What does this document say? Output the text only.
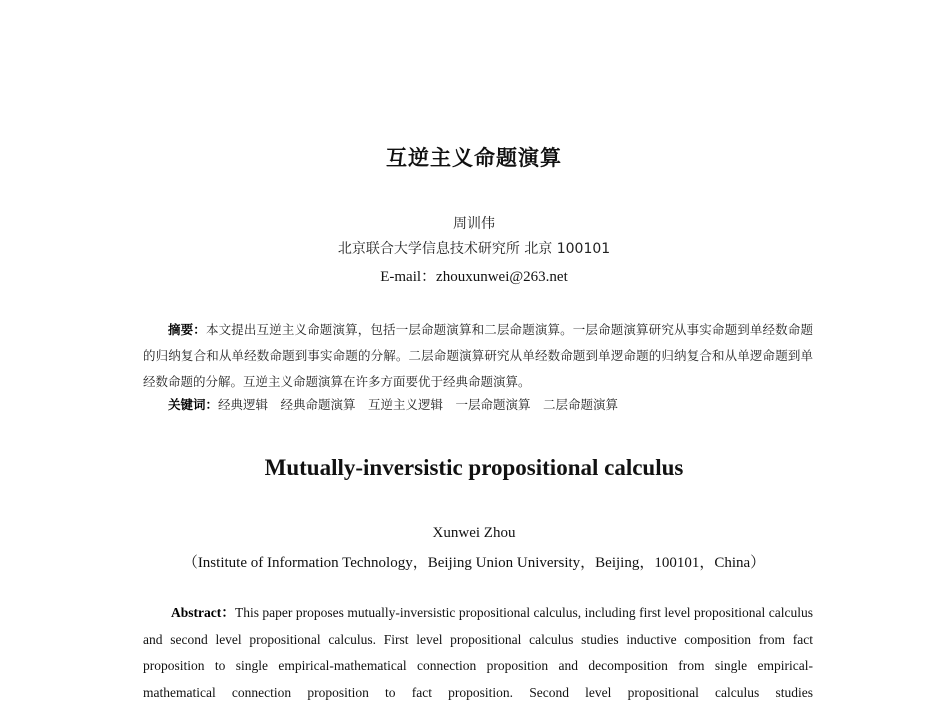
互逆主义命题演算
周训伟
北京联合大学信息技术研究所 北京 100101
E-mail：zhouxunwei@263.net
摘要：本文提出互逆主义命题演算，包括一层命题演算和二层命题演算。一层命题演算研究从事实命题到单经数命题的归纳复合和从单经数命题到事实命题的分解。二层命题演算研究从单经数命题到单逻命题的归纳复合和从单逻命题到单经数命题的分解。互逆主义命题演算在许多方面要优于经典命题演算。
关键词：经典逻辑　经典命题演算　互逆主义逻辑　一层命题演算　二层命题演算
Mutually-inversistic propositional calculus
Xunwei Zhou
（Institute of Information Technology，Beijing Union University，Beijing，100101，China）
Abstract：This paper proposes mutually-inversistic propositional calculus, including first level propositional calculus and second level propositional calculus. First level propositional calculus studies inductive composition from fact proposition to single empirical-mathematical connection proposition and decomposition from single empirical-mathematical connection proposition to fact proposition. Second level propositional calculus studies
